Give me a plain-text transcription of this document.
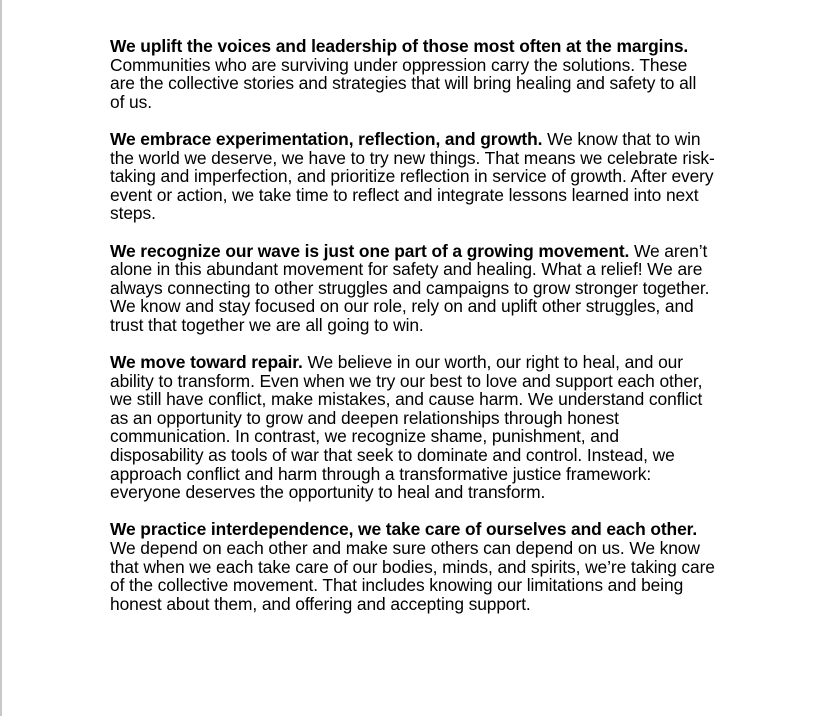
We uplift the voices and leadership of those most often at the margins. Communities who are surviving under oppression carry the solutions. These are the collective stories and strategies that will bring healing and safety to all of us.

We embrace experimentation, reflection, and growth. We know that to win the world we deserve, we have to try new things. That means we celebrate risk-taking and imperfection, and prioritize reflection in service of growth. After every event or action, we take time to reflect and integrate lessons learned into next steps.

We recognize our wave is just one part of a growing movement. We aren’t alone in this abundant movement for safety and healing. What a relief! We are always connecting to other struggles and campaigns to grow stronger together. We know and stay focused on our role, rely on and uplift other struggles, and trust that together we are all going to win.

We move toward repair. We believe in our worth, our right to heal, and our ability to transform. Even when we try our best to love and support each other, we still have conflict, make mistakes, and cause harm. We understand conflict as an opportunity to grow and deepen relationships through honest communication. In contrast, we recognize shame, punishment, and disposability as tools of war that seek to dominate and control. Instead, we approach conflict and harm through a transformative justice framework: everyone deserves the opportunity to heal and transform.

We practice interdependence, we take care of ourselves and each other. We depend on each other and make sure others can depend on us. We know that when we each take care of our bodies, minds, and spirits, we’re taking care of the collective movement. That includes knowing our limitations and being honest about them, and offering and accepting support.
